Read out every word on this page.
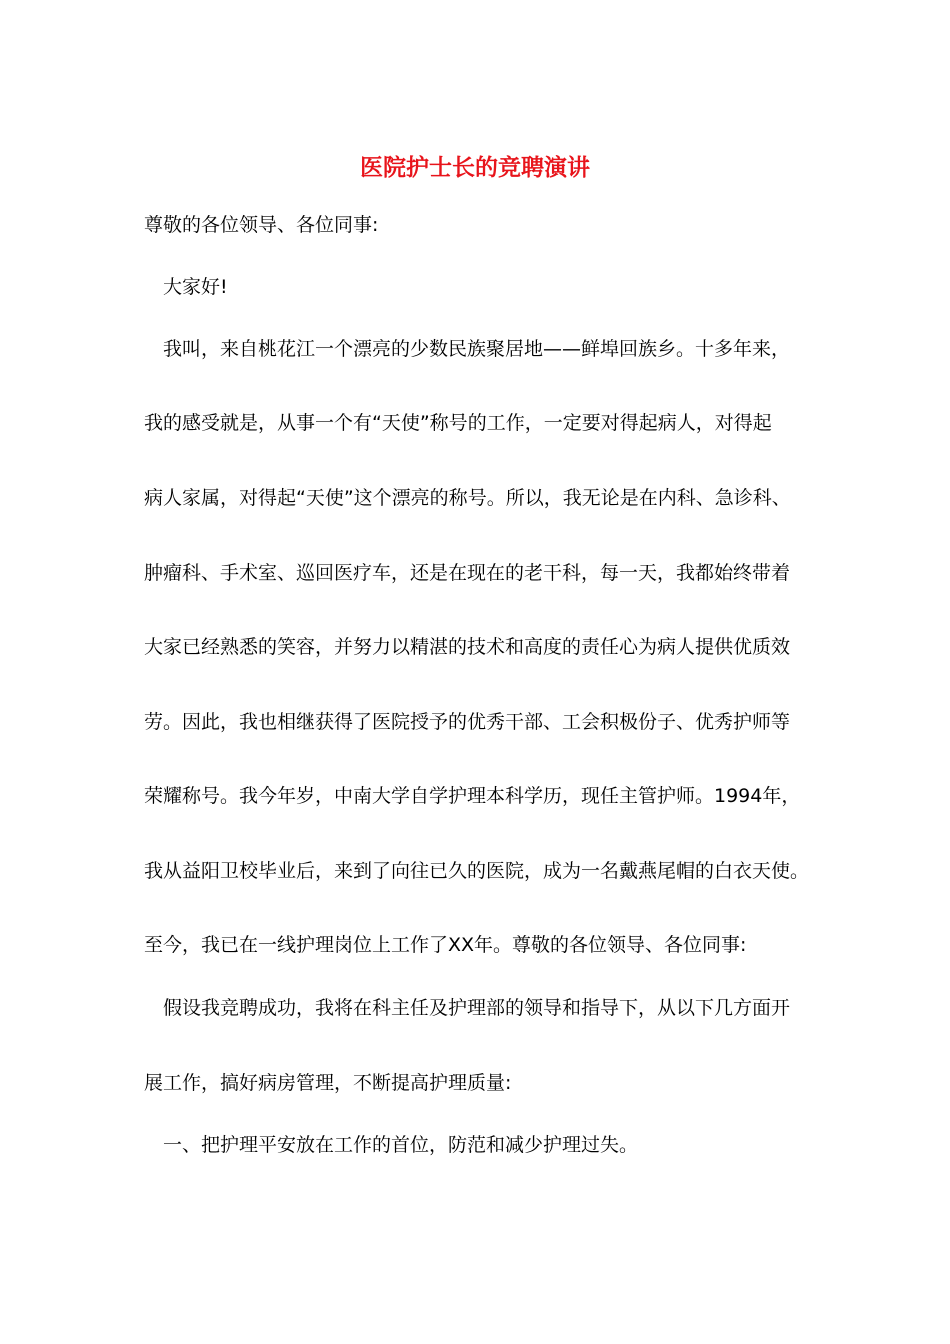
医院护士长的竞聘演讲

尊敬的各位领导、各位同事:

大家好!

我叫，来自桃花江一个漂亮的少数民族聚居地——鲜埠回族乡。十多年来，

我的感受就是，从事一个有“天使”称号的工作，一定要对得起病人，对得起

病人家属，对得起“天使”这个漂亮的称号。所以，我无论是在内科、急诊科、

肿瘤科、手术室、巡回医疗车，还是在现在的老干科，每一天，我都始终带着

大家已经熟悉的笑容，并努力以精湛的技术和高度的责任心为病人提供优质效

劳。因此，我也相继获得了医院授予的优秀干部、工会积极份子、优秀护师等

荣耀称号。我今年岁，中南大学自学护理本科学历，现任主管护师。1994年，

我从益阳卫校毕业后，来到了向往已久的医院，成为一名戴燕尾帽的白衣天使。

至今，我已在一线护理岗位上工作了XX年。尊敬的各位领导、各位同事:

假设我竞聘成功，我将在科主任及护理部的领导和指导下，从以下几方面开

展工作，搞好病房管理，不断提高护理质量:

一、把护理平安放在工作的首位，防范和减少护理过失。
